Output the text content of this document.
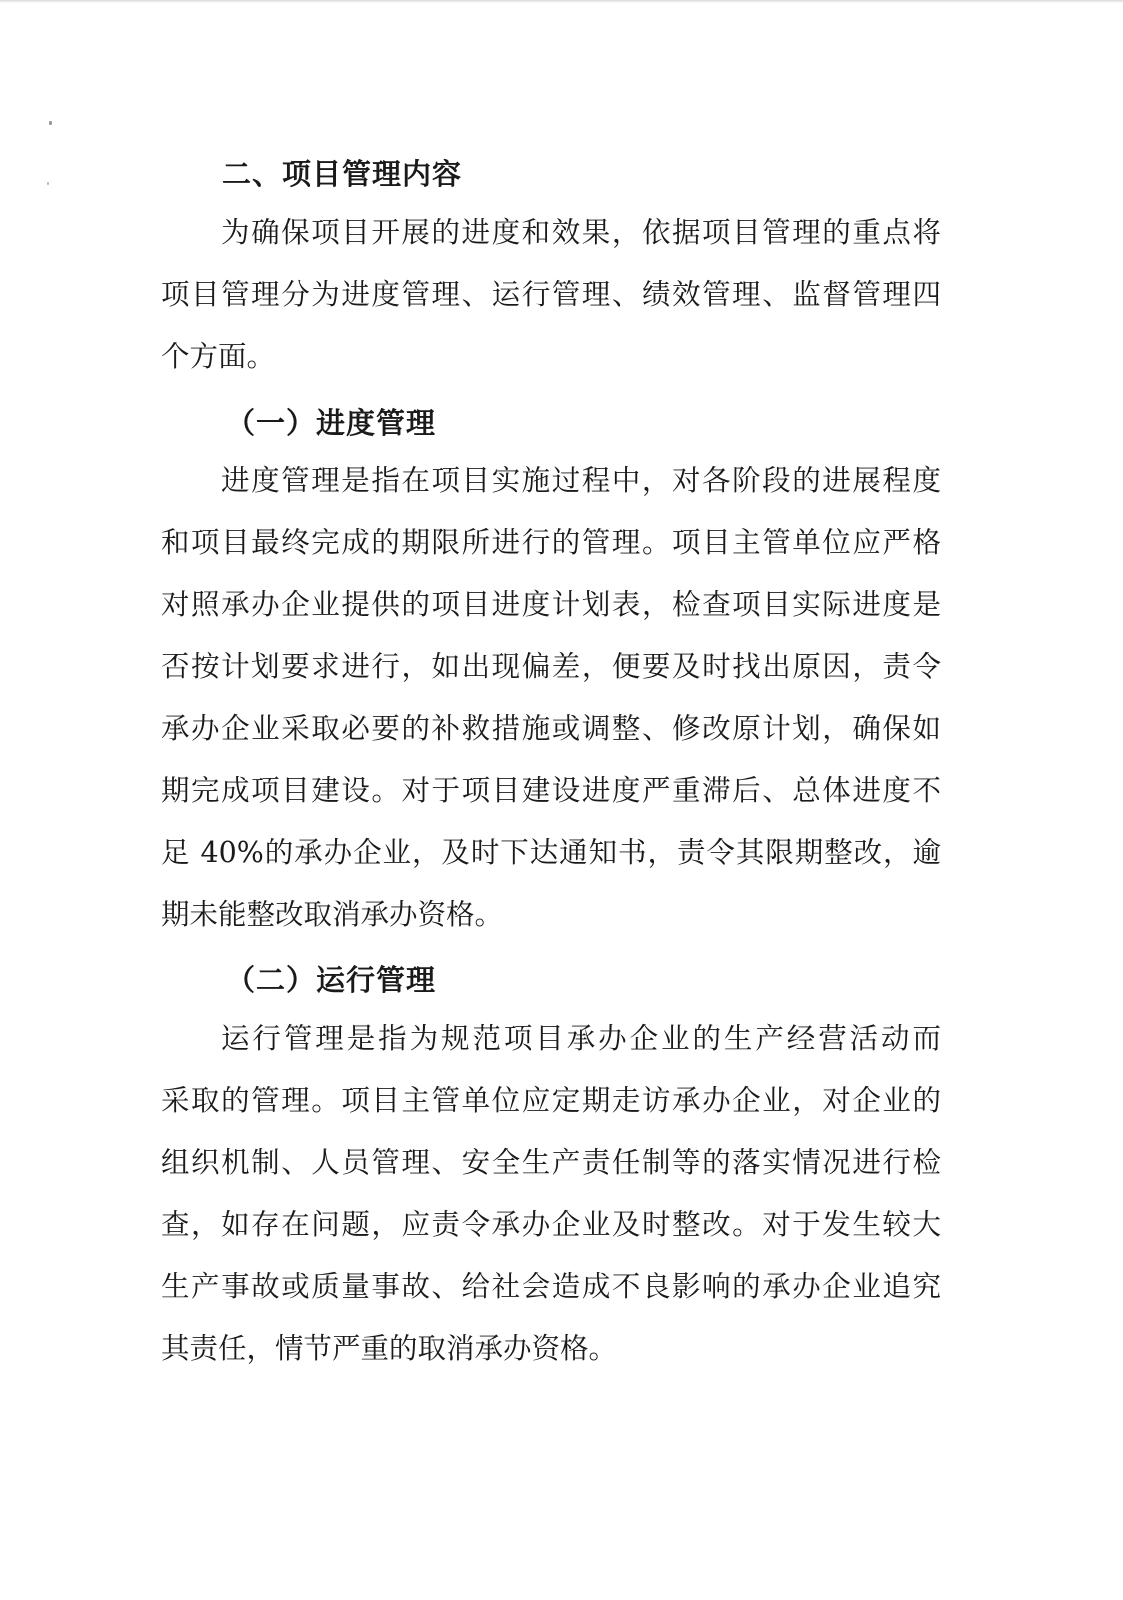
二、项目管理内容

为确保项目开展的进度和效果，依据项目管理的重点将

项目管理分为进度管理、运行管理、绩效管理、监督管理四

个方面。

（一）进度管理

进度管理是指在项目实施过程中，对各阶段的进展程度

和项目最终完成的期限所进行的管理。项目主管单位应严格

对照承办企业提供的项目进度计划表，检查项目实际进度是

否按计划要求进行，如出现偏差，便要及时找出原因，责令

承办企业采取必要的补救措施或调整、修改原计划，确保如

期完成项目建设。对于项目建设进度严重滞后、总体进度不

足 40%的承办企业，及时下达通知书，责令其限期整改，逾

期未能整改取消承办资格。

（二）运行管理

运行管理是指为规范项目承办企业的生产经营活动而

采取的管理。项目主管单位应定期走访承办企业，对企业的

组织机制、人员管理、安全生产责任制等的落实情况进行检

查，如存在问题，应责令承办企业及时整改。对于发生较大

生产事故或质量事故、给社会造成不良影响的承办企业追究

其责任，情节严重的取消承办资格。
